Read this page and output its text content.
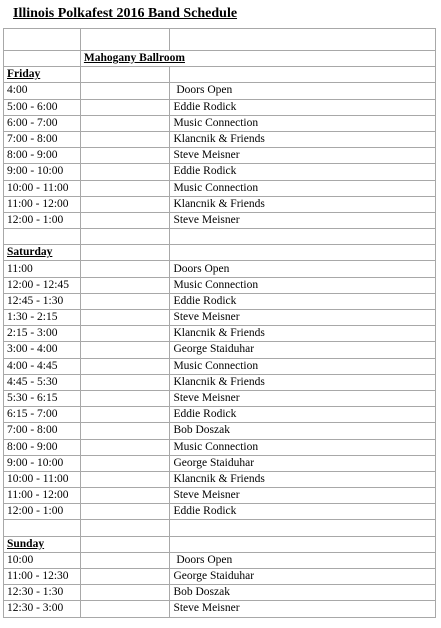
Illinois Polkafest 2016 Band Schedule

	Mahogany Ballroom	
Friday		
4:00		Doors Open
5:00 - 6:00		Eddie Rodick
6:00 - 7:00		Music Connection
7:00 - 8:00		Klancnik & Friends
8:00 - 9:00		Steve Meisner
9:00 - 10:00		Eddie Rodick
10:00 - 11:00		Music Connection
11:00 - 12:00		Klancnik & Friends
12:00 - 1:00		Steve Meisner

Saturday		
11:00		Doors Open
12:00 - 12:45		Music Connection
12:45 - 1:30		Eddie Rodick
1:30 - 2:15		Steve Meisner
2:15 - 3:00		Klancnik & Friends
3:00 - 4:00		George Staiduhar
4:00 - 4:45		Music Connection
4:45 - 5:30		Klancnik & Friends
5:30 - 6:15		Steve Meisner
6:15 - 7:00		Eddie Rodick
7:00 - 8:00		Bob Doszak
8:00 - 9:00		Music Connection
9:00 - 10:00		George Staiduhar
10:00 - 11:00		Klancnik & Friends
11:00 - 12:00		Steve Meisner
12:00 - 1:00		Eddie Rodick

Sunday		
10:00		Doors Open
11:00 - 12:30		George Staiduhar
12:30 - 1:30		Bob Doszak
12:30 - 3:00		Steve Meisner
